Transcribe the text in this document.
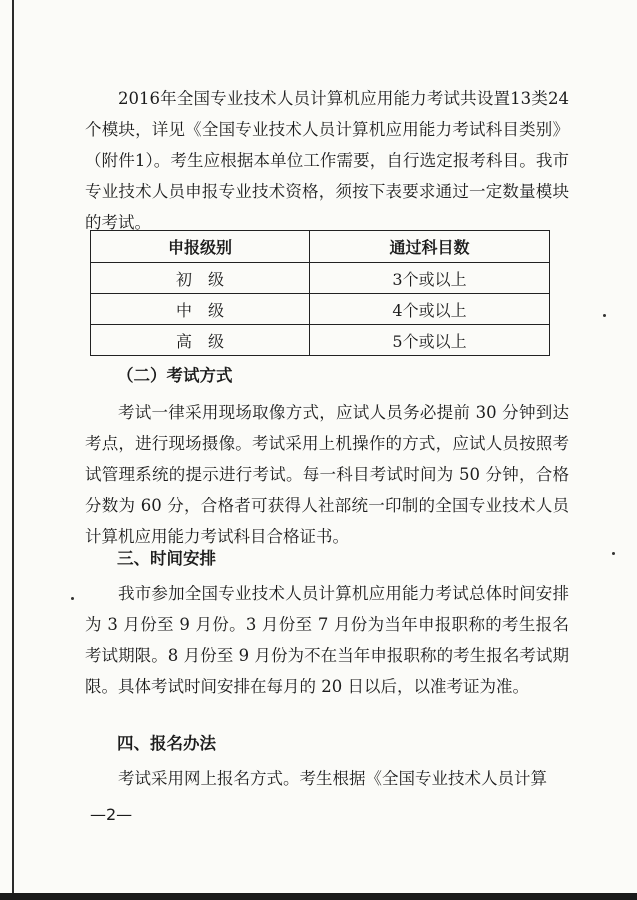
2016年全国专业技术人员计算机应用能力考试共设置13类24 个模块，详见《全国专业技术人员计算机应用能力考试科目类别》（附件1）。考生应根据本单位工作需要，自行选定报考科目。我市专业技术人员申报专业技术资格，须按下表要求通过一定数量模块的考试。

申报级别	通过科目数
初　级	3个或以上
中　级	4个或以上
高　级	5个或以上
（二）考试方式

考试一律采用现场取像方式，应试人员务必提前 30 分钟到达考点，进行现场摄像。考试采用上机操作的方式，应试人员按照考试管理系统的提示进行考试。每一科目考试时间为 50 分钟，合格分数为 60 分，合格者可获得人社部统一印制的全国专业技术人员计算机应用能力考试科目合格证书。

三、时间安排

我市参加全国专业技术人员计算机应用能力考试总体时间安排为 3 月份至 9 月份。3 月份至 7 月份为当年申报职称的考生报名考试期限。8 月份至 9 月份为不在当年申报职称的考生报名考试期限。具体考试时间安排在每月的 20 日以后，以准考证为准。

四、报名办法

考试采用网上报名方式。考生根据《全国专业技术人员计算

—2—
